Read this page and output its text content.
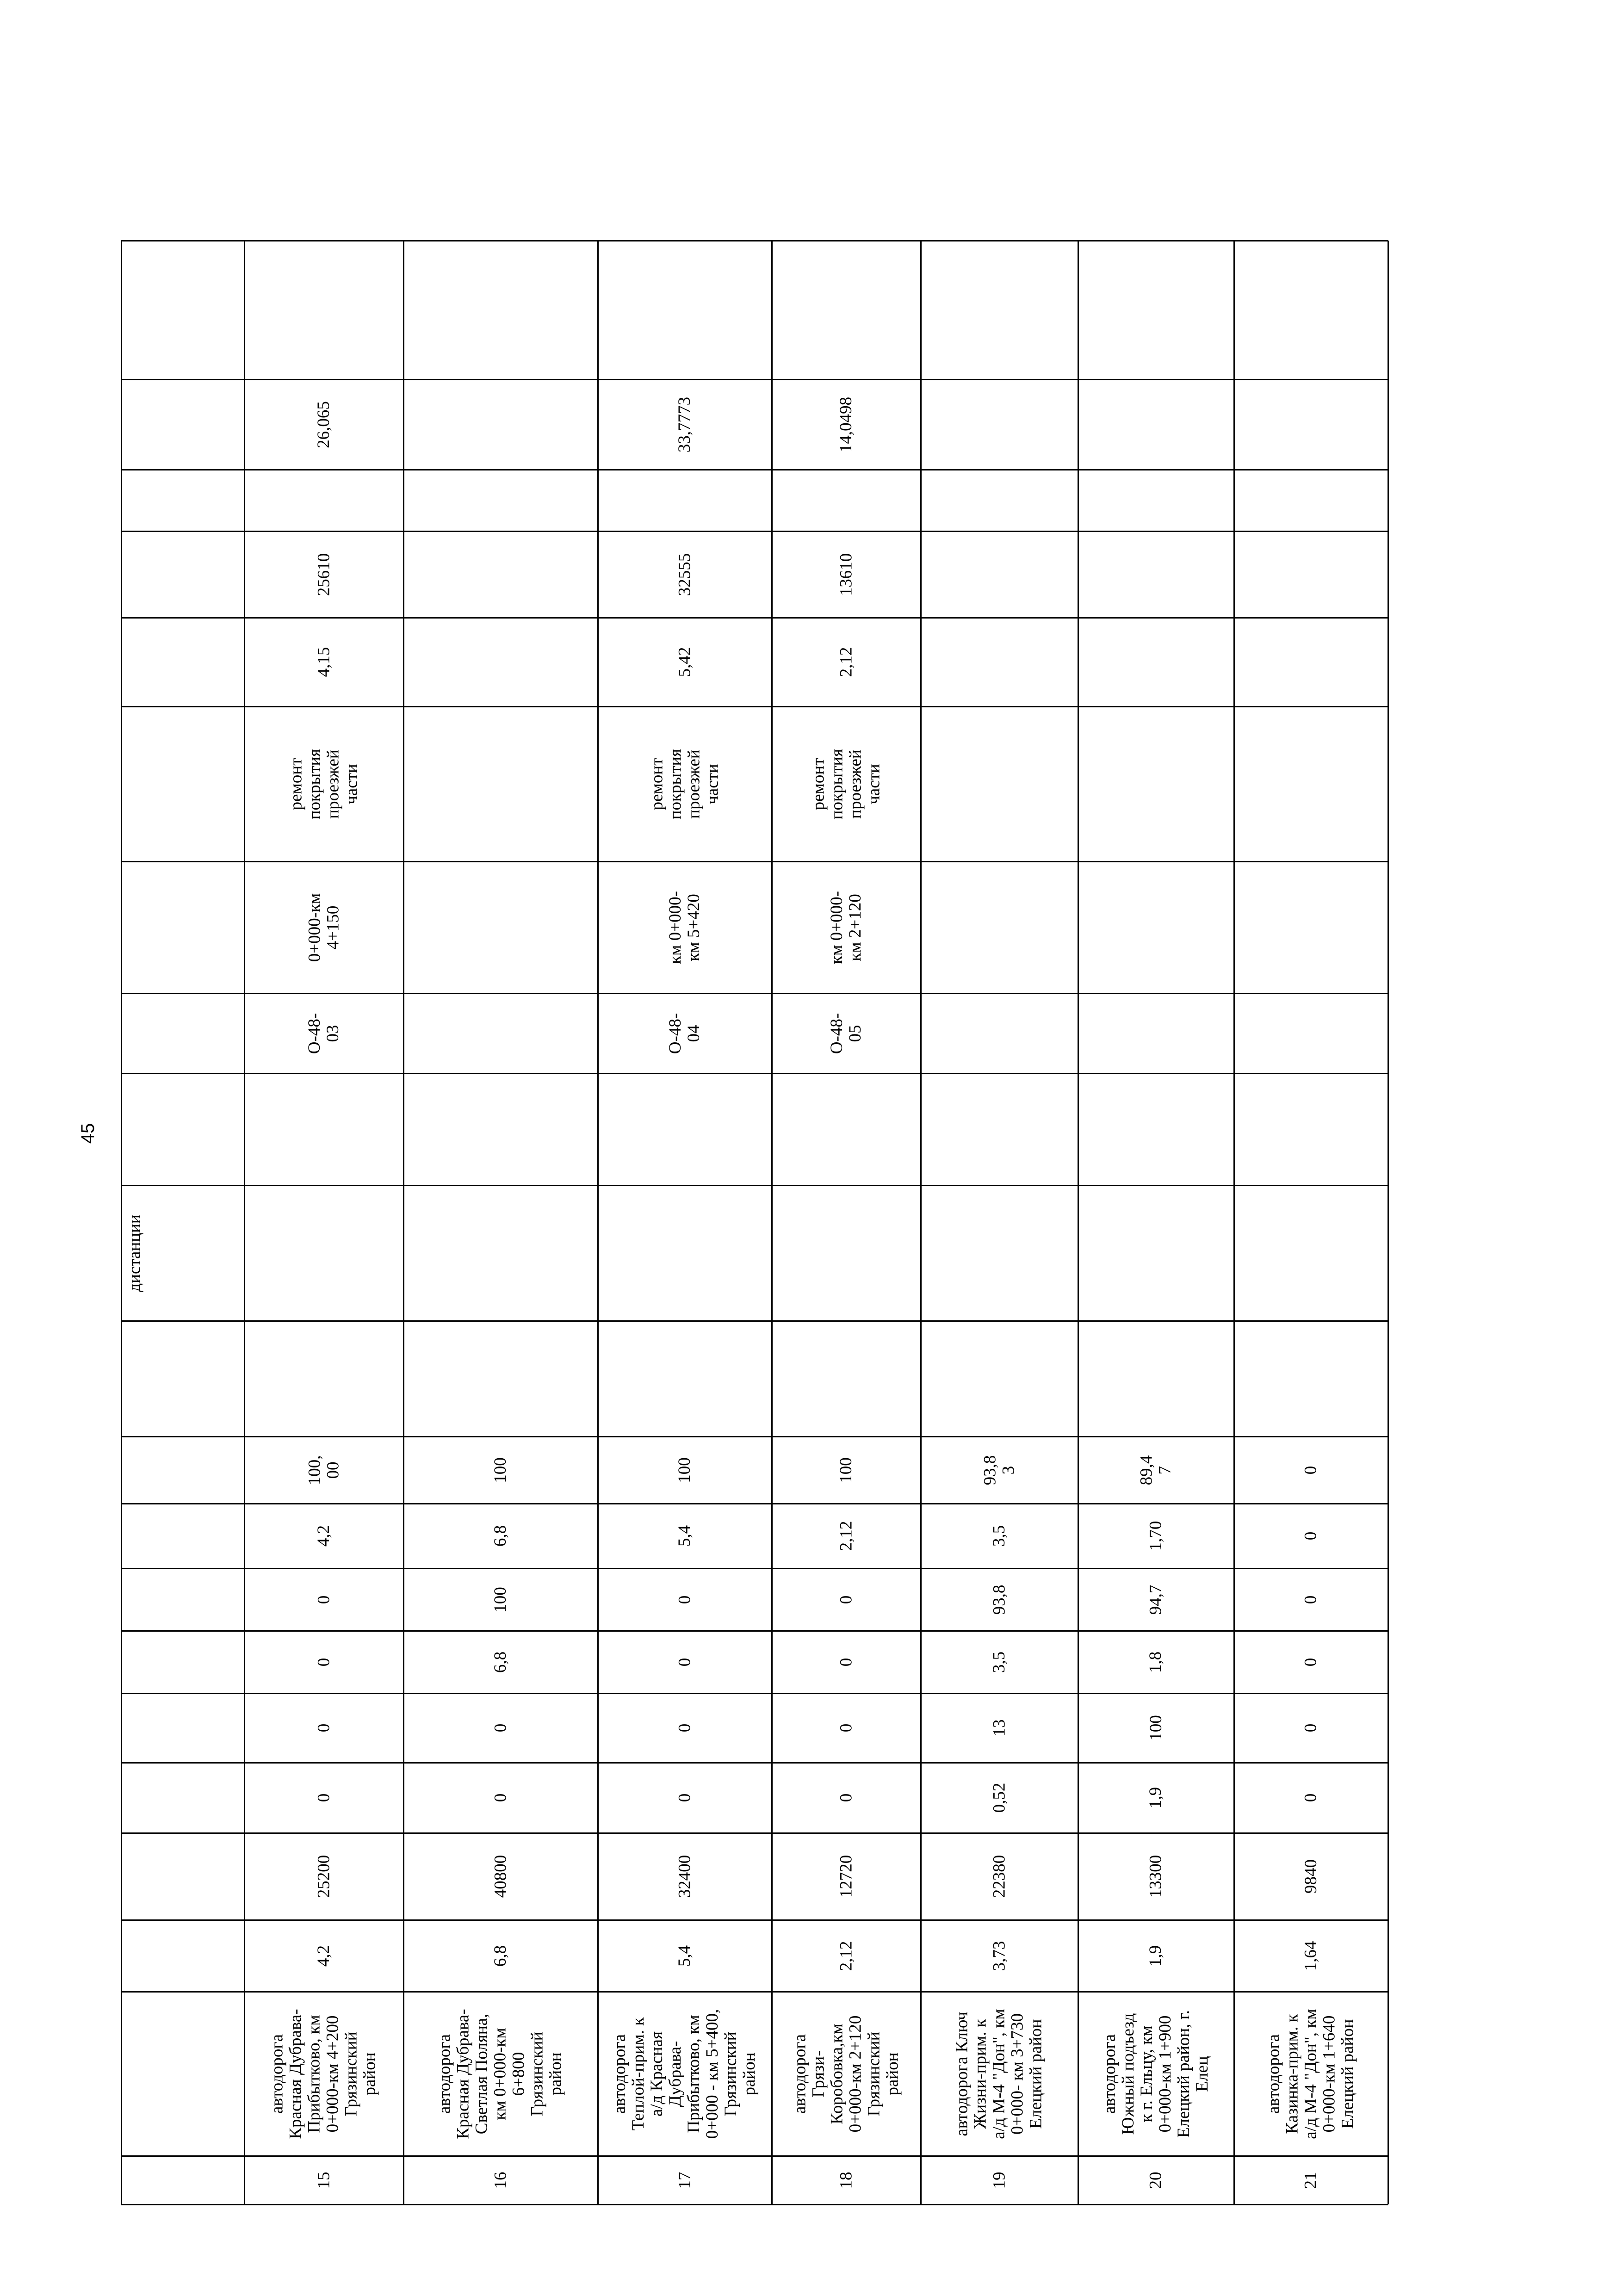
45
дистанции
15
автодорога
Красная Дубрава-
Прибытково, км
0+000-км 4+200
Грязинский
район
4,2
25200
0
0
0
0
4,2
100,
00
О-48-
03
0+000-км
4+150
ремонт
покрытия
проезжей
части
4,15
25610
26,065
16
автодорога
Красная Дубрава-
Светлая Поляна,
км 0+000-км
6+800
Грязинский
район
6,8
40800
0
0
6,8
100
6,8
100
17
автодорога
Теплой-прим. к
а/д Красная
Дубрава-
Прибытково, км
0+000 - км 5+400,
Грязинский
район
5,4
32400
0
0
0
0
5,4
100
О-48-
04
км 0+000-
км 5+420
ремонт
покрытия
проезжей
части
5,42
32555
33,7773
18
автодорога
Грязи-
Коробовка,км
0+000-км 2+120
Грязинский
район
2,12
12720
0
0
0
0
2,12
100
О-48-
05
км 0+000-
км 2+120
ремонт
покрытия
проезжей
части
2,12
13610
14,0498
19
автодорога Ключ
Жизни-прим. к
а/д М-4 "Дон", км
0+000- км 3+730
Елецкий район
3,73
22380
0,52
13
3,5
93,8
3,5
93,8
3
20
автодорога
Южный подъезд
к г. Ельцу, км
0+000-км 1+900
Елецкий район, г.
Елец
1,9
13300
1,9
100
1,8
94,7
1,70
89,4
7
21
автодорога
Казинка-прим. к
а/д М-4 "Дон", км
0+000-км 1+640
Елецкий район
1,64
9840
0
0
0
0
0
0
